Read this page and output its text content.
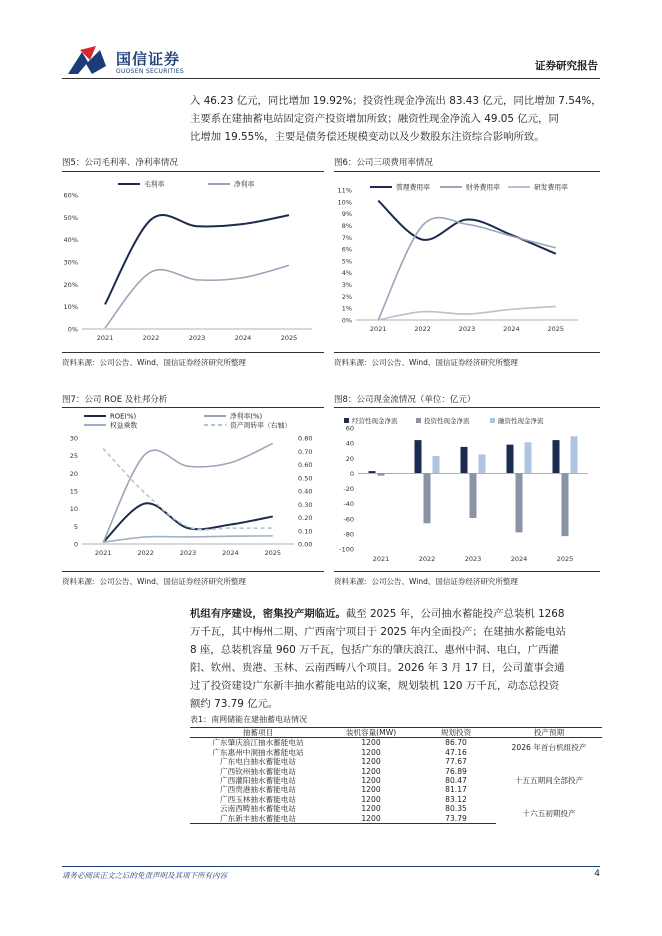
国信证券
GUOSEN SECURITIES	证券研究报告
入 46.23 亿元，同比增加 19.92%；投资性现金净流出 83.43 亿元，同比增加 7.54%，
主要系在建抽蓄电站固定资产投资增加所致；融资性现金净流入 49.05 亿元，同
比增加 19.55%，主要是债务偿还规模变动以及少数股东注资综合影响所致。
图5：公司毛利率、净利率情况	图6：公司三项费用率情况
0%
10%
20%
30%
40%
50%
60%
2021	2022	2023	2024	2025
毛利率	净利率
0%
1%
2%
3%
4%
5%
6%
7%
8%
9%
10%
11%
2021	2022	2023	2024	2025
管理费用率	财务费用率	研发费用率
资料来源：公司公告、Wind、国信证券经济研究所整理	资料来源：公司公告、Wind、国信证券经济研究所整理
图7：公司 ROE 及杜邦分析	图8：公司现金流情况（单位：亿元）
0
5
10
15
20
25
30
0.00
0.10
0.20
0.30
0.40
0.50
0.60
0.70
0.80
2021	2022	2023	2024	2025
ROE(%)	净利率(%)
权益乘数	资产周转率（右轴）
-100
-80
-60
-40
-20
0
20
40
60
2021	2022	2023	2024	2025
经营性现金净流	投资性现金净流	融资性现金净流
资料来源：公司公告、Wind、国信证券经济研究所整理	资料来源：公司公告、Wind、国信证券经济研究所整理
机组有序建设，密集投产期临近。截至 2025 年，公司抽水蓄能投产总装机 1268
万千瓦，其中梅州二期、广西南宁项目于 2025 年内全面投产；在建抽水蓄能电站
8 座，总装机容量 960 万千瓦，包括广东的肇庆浪江、惠州中洞、电白，广西灌
阳、钦州、贵港、玉林、云南西畴八个项目。2026 年 3 月 17 日，公司董事会通
过了投资建设广东新丰抽水蓄能电站的议案，规划装机 120 万千瓦，动态总投资
额约 73.79 亿元。
表1：南网储能在建抽蓄电站情况
抽蓄项目	装机容量(MW)	规划投资	投产预期
广东肇庆浪江抽水蓄能电站	1200	86.70	2026 年首台机组投产
广东惠州中洞抽水蓄能电站	1200	47.16	
广东电白抽水蓄能电站	1200	77.67	十五五期间全部投产
广西钦州抽水蓄能电站	1200	76.89	
广西灌阳抽水蓄能电站	1200	80.47	
广西贵港抽水蓄能电站	1200	81.17	
广西玉林抽水蓄能电站	1200	83.12	
云南西畴抽水蓄能电站	1200	80.35	十六五初期投产
广东新丰抽水蓄能电站	1200	73.79	
请务必阅读正文之后的免责声明及其项下所有内容	4
